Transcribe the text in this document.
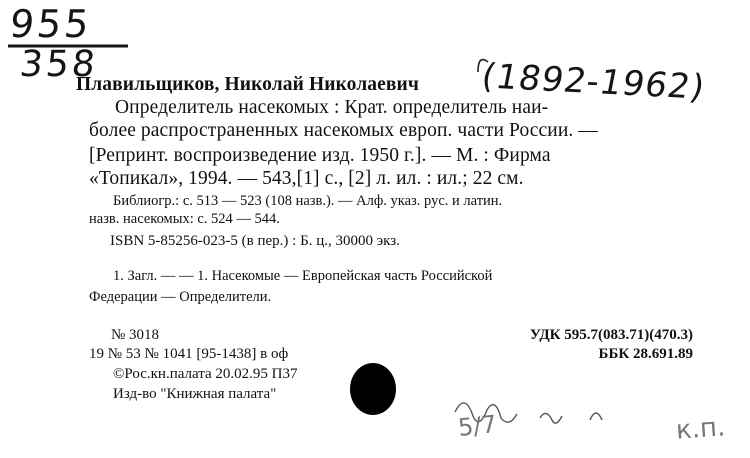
955
358	(1892-1962)
Плавильщиков, Николай Николаевич
Определитель насекомых : Крат. определитель наи-
более распространенных насекомых европ. части России. —
[Репринт. воспроизведение изд. 1950 г.]. — М. : Фирма
«Топикал», 1994. — 543,[1] с., [2] л. ил. : ил.; 22 см.
Библиогр.: с. 513 — 523 (108 назв.). — Алф. указ. рус. и латин.
назв. насекомых: с. 524 — 544.
ISBN 5-85256-023-5 (в пер.) : Б. ц., 30000 экз.
1. Загл. — — 1. Насекомые — Европейская часть Российской
Федерации — Определители.
№ 3018
19 № 53 № 1041 [95-1438] в оф
©Рос.кн.палата 20.02.95 П37
Изд-во "Книжная палата"
УДК 595.7(083.71)(470.3)
ББК 28.691.89
5/7	к.п.
